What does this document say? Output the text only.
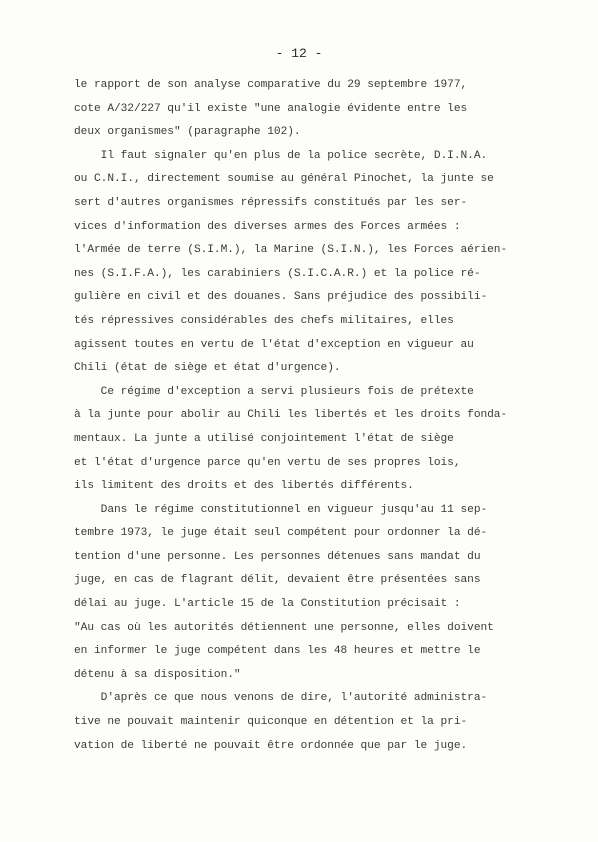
- 12 -
le rapport de son analyse comparative du 29 septembre 1977,
cote A/32/227 qu'il existe "une analogie évidente entre les
deux organismes" (paragraphe 102).
Il faut signaler qu'en plus de la police secrète, D.I.N.A.
ou C.N.I., directement soumise au général Pinochet, la junte se
sert d'autres organismes répressifs constitués par les ser-
vices d'information des diverses armes des Forces armées :
l'Armée de terre (S.I.M.), la Marine (S.I.N.), les Forces aérien-
nes (S.I.F.A.), les carabiniers (S.I.C.A.R.) et la police ré-
gulière en civil et des douanes. Sans préjudice des possibili-
tés répressives considérables des chefs militaires, elles
agissent toutes en vertu de l'état d'exception en vigueur au
Chili (état de siège et état d'urgence).
Ce régime d'exception a servi plusieurs fois de prétexte
à la junte pour abolir au Chili les libertés et les droits fonda-
mentaux. La junte a utilisé conjointement l'état de siège
et l'état d'urgence parce qu'en vertu de ses propres lois,
ils limitent des droits et des libertés différents.
Dans le régime constitutionnel en vigueur jusqu'au 11 sep-
tembre 1973, le juge était seul compétent pour ordonner la dé-
tention d'une personne. Les personnes détenues sans mandat du
juge, en cas de flagrant délit, devaient être présentées sans
délai au juge. L'article 15 de la Constitution précisait :
"Au cas où les autorités détiennent une personne, elles doivent
en informer le juge compétent dans les 48 heures et mettre le
détenu à sa disposition."
D'après ce que nous venons de dire, l'autorité administra-
tive ne pouvait maintenir quiconque en détention et la pri-
vation de liberté ne pouvait être ordonnée que par le juge.
